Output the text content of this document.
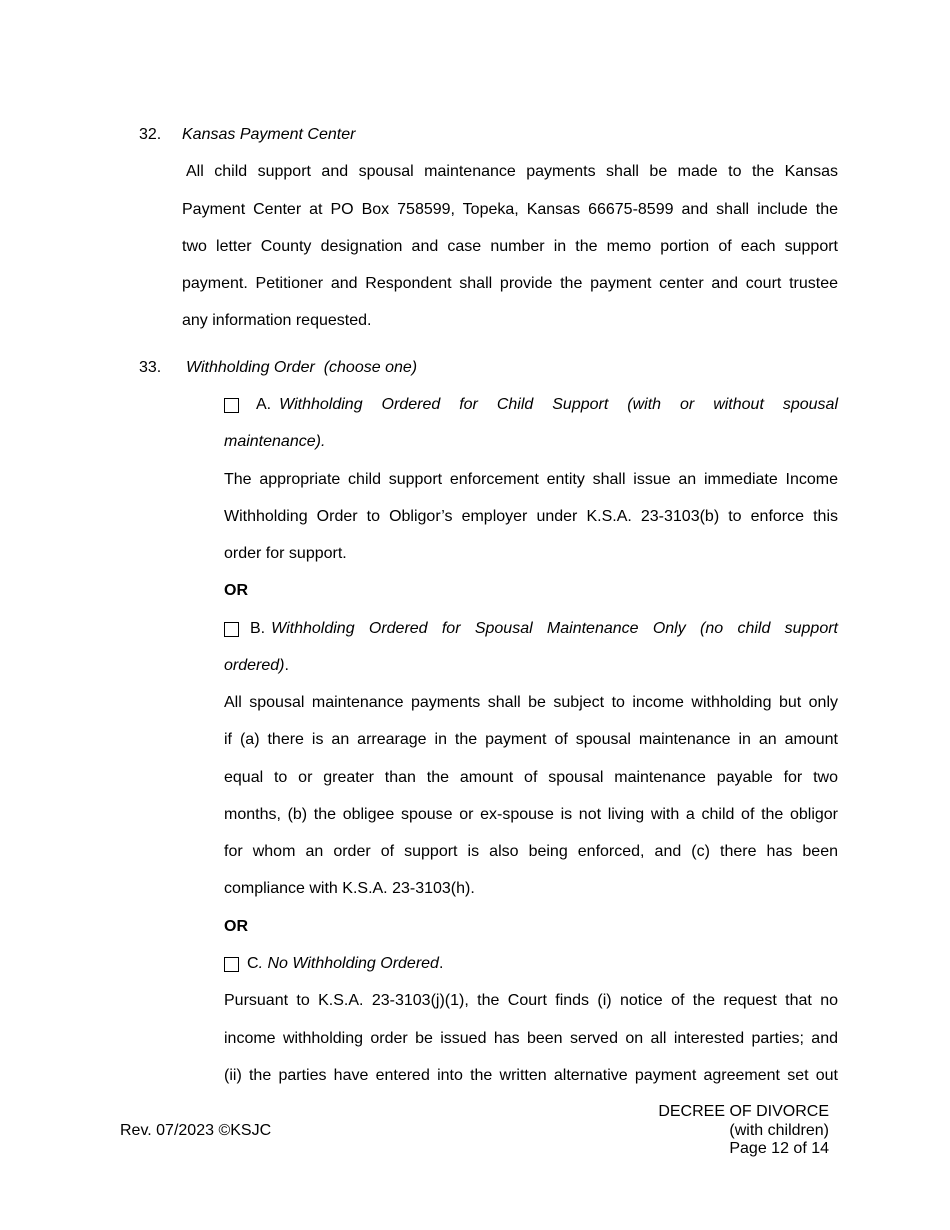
32. Kansas Payment Center
All child support and spousal maintenance payments shall be made to the Kansas
Payment Center at PO Box 758599, Topeka, Kansas 66675-8599 and shall include the
two letter County designation and case number in the memo portion of each support
payment. Petitioner and Respondent shall provide the payment center and court trustee
any information requested.
33. Withholding Order  (choose one)
A. Withholding Ordered for Child Support (with or without spousal
maintenance).
The appropriate child support enforcement entity shall issue an immediate Income
Withholding Order to Obligor’s employer under K.S.A. 23-3103(b) to enforce this
order for support.
OR
B. Withholding Ordered for Spousal Maintenance Only (no child support
ordered).
All spousal maintenance payments shall be subject to income withholding but only
if (a) there is an arrearage in the payment of spousal maintenance in an amount
equal to or greater than the amount of spousal maintenance payable for two
months, (b) the obligee spouse or ex-spouse is not living with a child of the obligor
for whom an order of support is also being enforced, and (c) there has been
compliance with K.S.A. 23-3103(h).
OR
C . No Withholding Ordered .
Pursuant to K.S.A. 23-3103(j)(1), the Court finds (i) notice of the request that no
income withholding order be issued has been served on all interested parties; and
(ii) the parties have entered into the written alternative payment agreement set out
Rev. 07/2023 ©KSJC
DECREE OF DIVORCE
(with children)
Page 12 of 14
